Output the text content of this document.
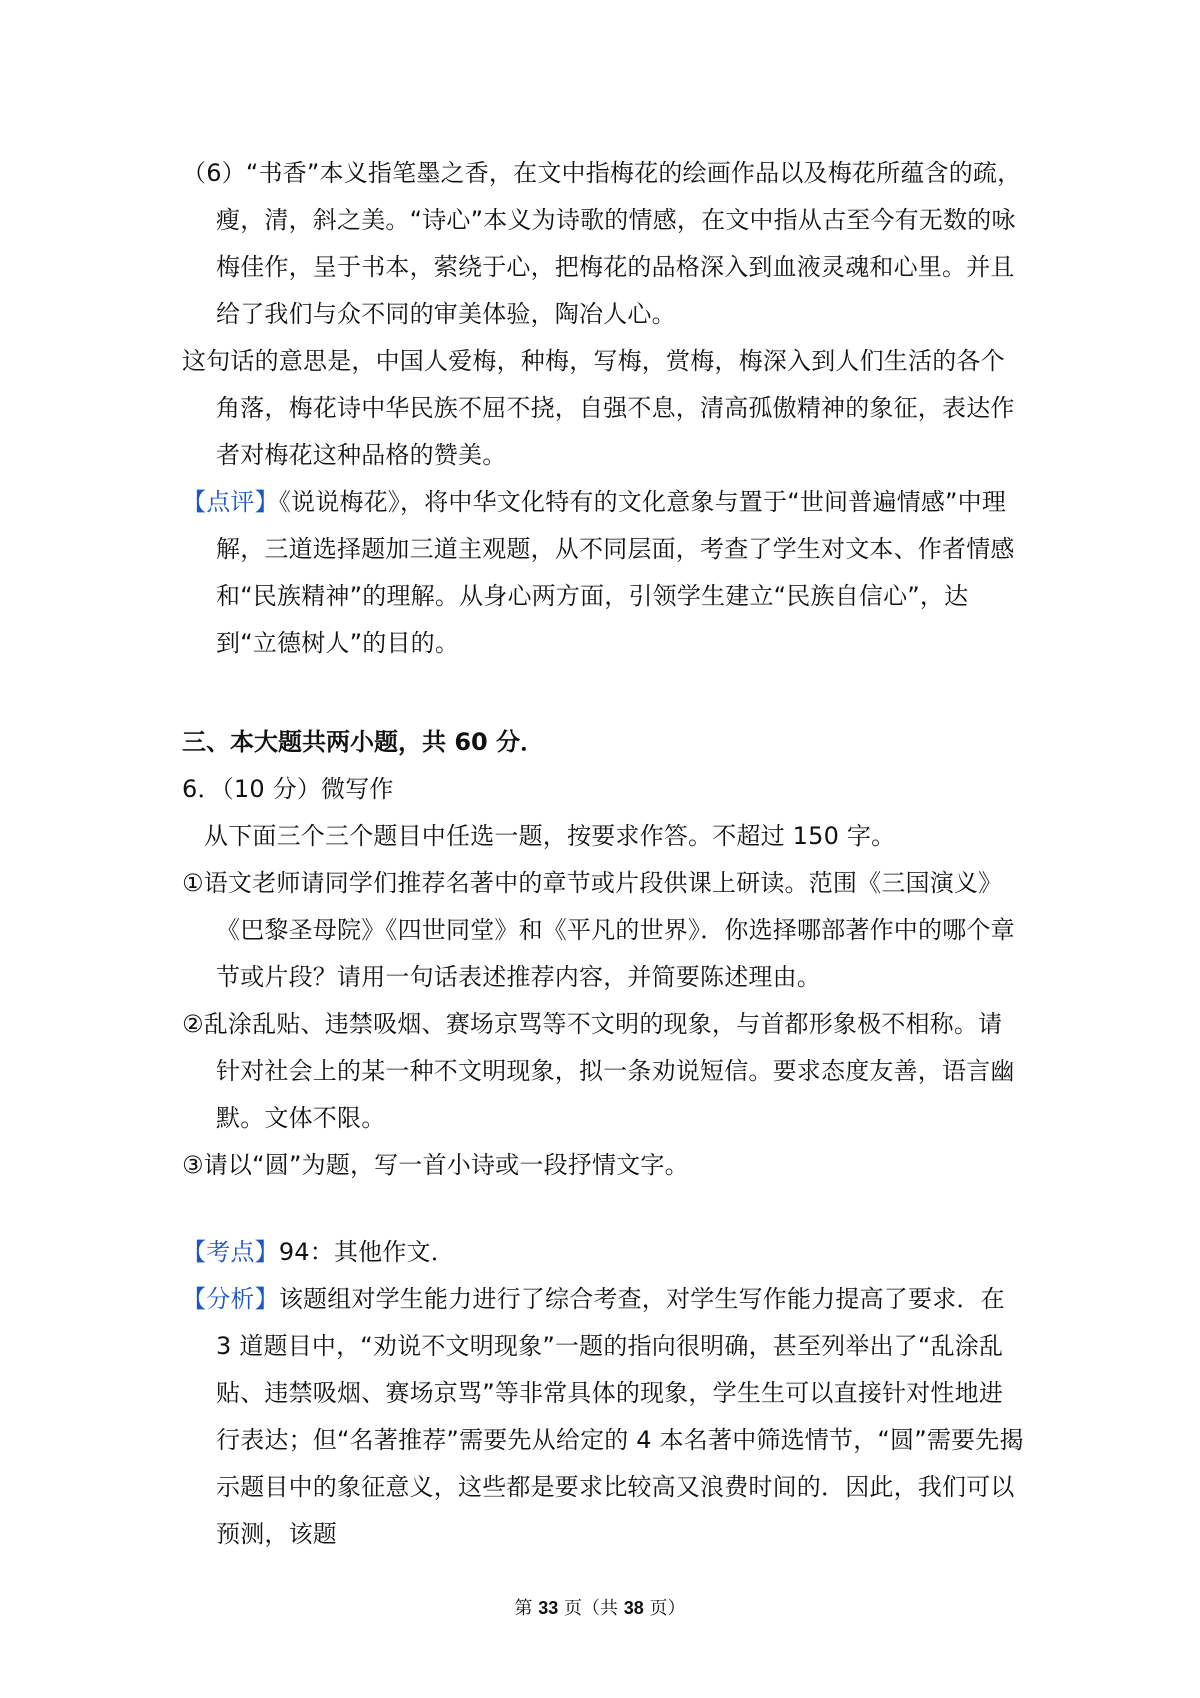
（6）“书香”本义指笔墨之香，在文中指梅花的绘画作品以及梅花所蕴含的疏，瘦，清，斜之美。“诗心”本义为诗歌的情感，在文中指从古至今有无数的咏梅佳作，呈于书本，萦绕于心，把梅花的品格深入到血液灵魂和心里。并且给了我们与众不同的审美体验，陶冶人心。

这句话的意思是，中国人爱梅，种梅，写梅，赏梅，梅深入到人们生活的各个角落，梅花诗中华民族不屈不挠，自强不息，清高孤傲精神的象征，表达作者对梅花这种品格的赞美。

【点评】《说说梅花》，将中华文化特有的文化意象与置于“世间普遍情感”中理解，三道选择题加三道主观题，从不同层面，考查了学生对文本、作者情感和“民族精神”的理解。从身心两方面，引领学生建立“民族自信心”，达到“立德树人”的目的。

三、本大题共两小题，共 60 分．

6．（10 分）微写作

从下面三个三个题目中任选一题，按要求作答。不超过 150 字。

①语文老师请同学们推荐名著中的章节或片段供课上研读。范围《三国演义》《巴黎圣母院》《四世同堂》和《平凡的世界》．你选择哪部著作中的哪个章节或片段？请用一句话表述推荐内容，并简要陈述理由。

②乱涂乱贴、违禁吸烟、赛场京骂等不文明的现象，与首都形象极不相称。请针对社会上的某一种不文明现象，拟一条劝说短信。要求态度友善，语言幽默。文体不限。

③请以“圆”为题，写一首小诗或一段抒情文字。

【考点】94：其他作文．

【分析】该题组对学生能力进行了综合考查，对学生写作能力提高了要求．在 3 道题目中，“劝说不文明现象”一题的指向很明确，甚至列举出了“乱涂乱贴、违禁吸烟、赛场京骂”等非常具体的现象，学生生可以直接针对性地进行表达；但“名著推荐”需要先从给定的 4 本名著中筛选情节，“圆”需要先揭示题目中的象征意义，这些都是要求比较高又浪费时间的．因此，我们可以预测，该题

第 33 页（共 38 页）
